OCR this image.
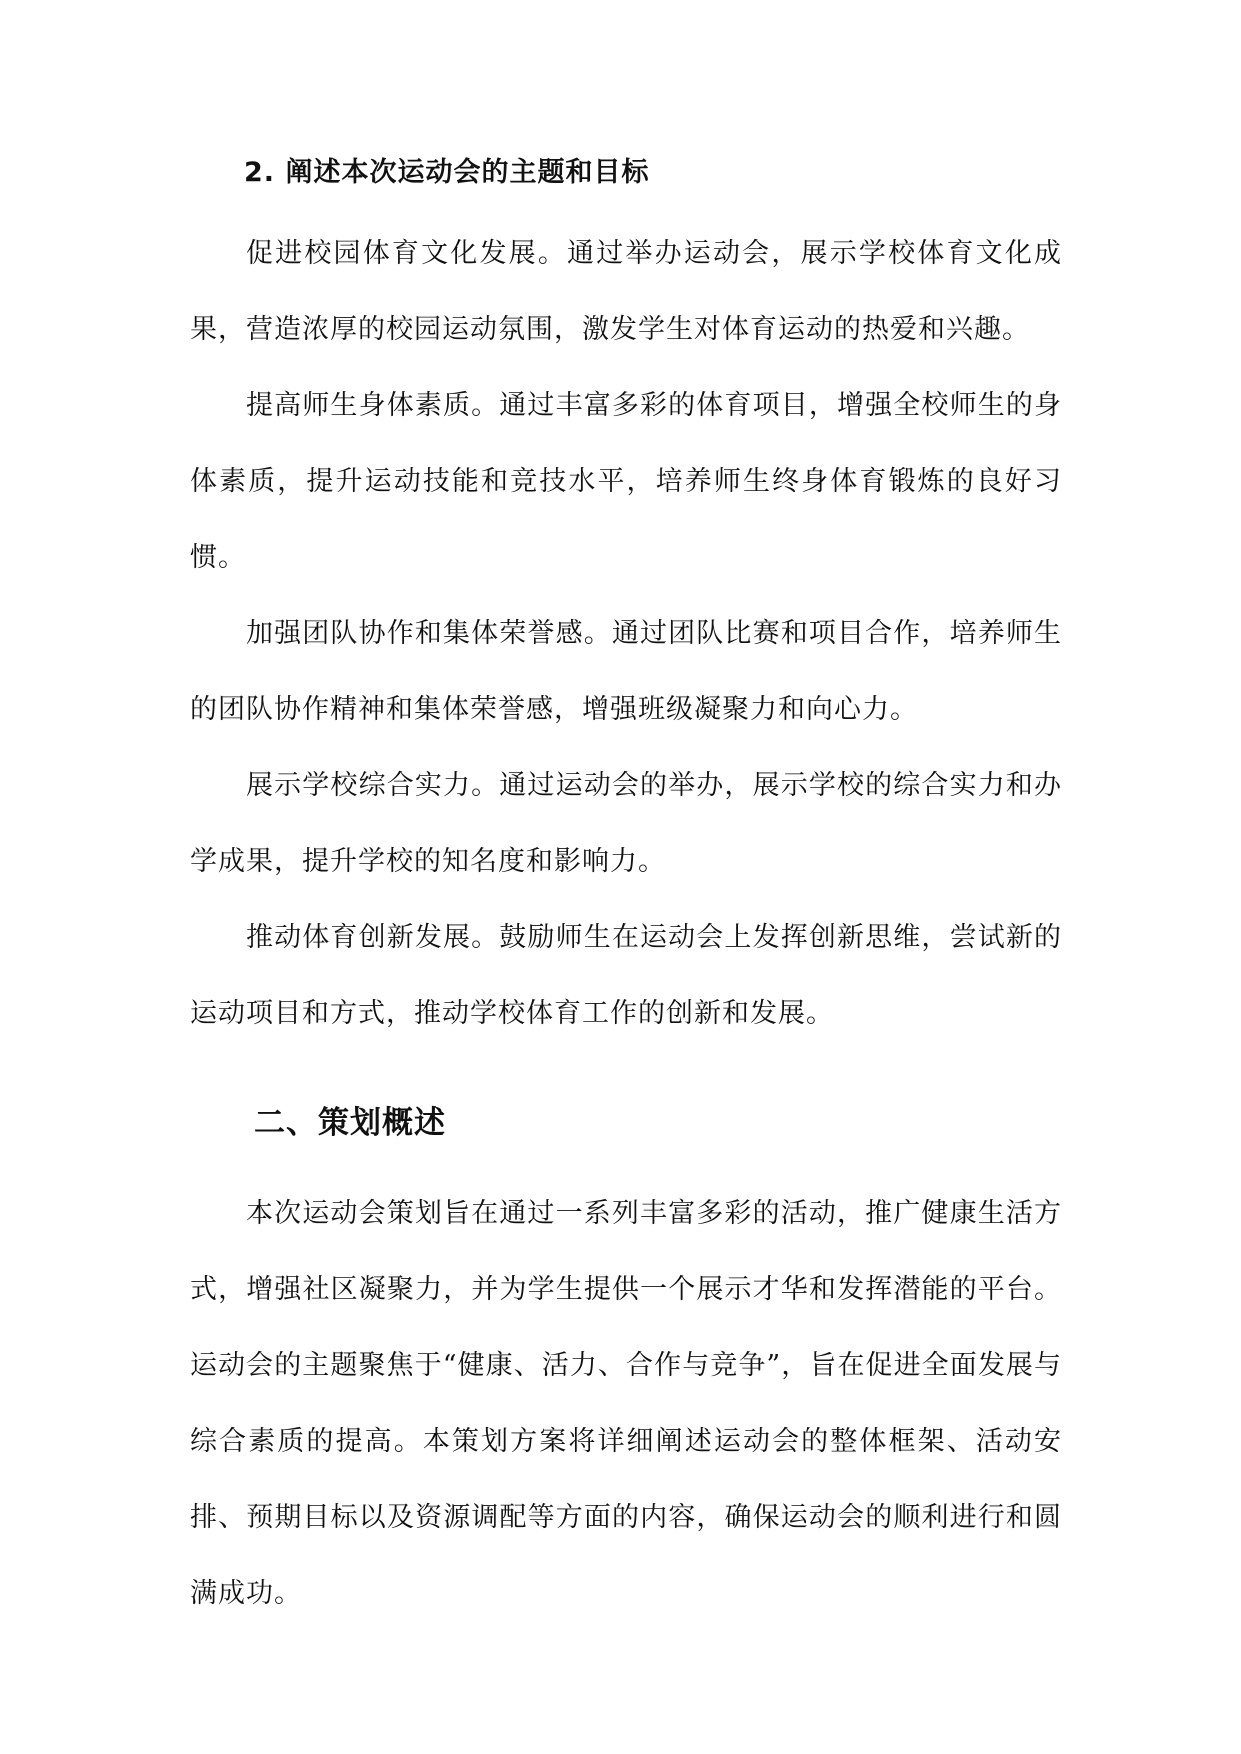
2. 阐述本次运动会的主题和目标

促进校园体育文化发展。通过举办运动会，展示学校体育文化成果，营造浓厚的校园运动氛围，激发学生对体育运动的热爱和兴趣。

提高师生身体素质。通过丰富多彩的体育项目，增强全校师生的身体素质，提升运动技能和竞技水平，培养师生终身体育锻炼的良好习惯。

加强团队协作和集体荣誉感。通过团队比赛和项目合作，培养师生的团队协作精神和集体荣誉感，增强班级凝聚力和向心力。

展示学校综合实力。通过运动会的举办，展示学校的综合实力和办学成果，提升学校的知名度和影响力。

推动体育创新发展。鼓励师生在运动会上发挥创新思维，尝试新的运动项目和方式，推动学校体育工作的创新和发展。

二、策划概述

本次运动会策划旨在通过一系列丰富多彩的活动，推广健康生活方式，增强社区凝聚力，并为学生提供一个展示才华和发挥潜能的平台。运动会的主题聚焦于“健康、活力、合作与竞争”，旨在促进全面发展与综合素质的提高。本策划方案将详细阐述运动会的整体框架、活动安排、预期目标以及资源调配等方面的内容，确保运动会的顺利进行和圆满成功。
